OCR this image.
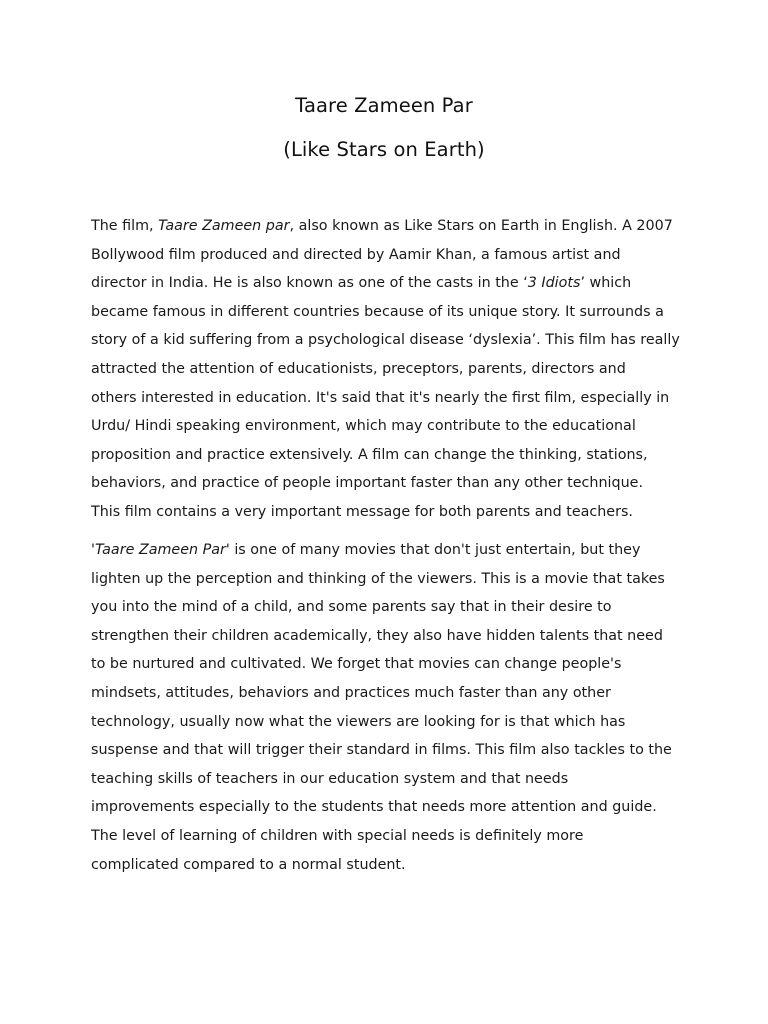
Taare Zameen Par
(Like Stars on Earth)

The film, Taare Zameen par, also known as Like Stars on Earth in English. A 2007
Bollywood film produced and directed by Aamir Khan, a famous artist and
director in India. He is also known as one of the casts in the ‘3 Idiots’ which
became famous in different countries because of its unique story. It surrounds a
story of a kid suffering from a psychological disease ‘dyslexia’. This film has really
attracted the attention of educationists, preceptors, parents, directors and
others interested in education. It's said that it's nearly the first film, especially in
Urdu/ Hindi speaking environment, which may contribute to the educational
proposition and practice extensively. A film can change the thinking, stations,
behaviors, and practice of people important faster than any other technique.
This film contains a very important message for both parents and teachers.

'Taare Zameen Par' is one of many movies that don't just entertain, but they
lighten up the perception and thinking of the viewers. This is a movie that takes
you into the mind of a child, and some parents say that in their desire to
strengthen their children academically, they also have hidden talents that need
to be nurtured and cultivated. We forget that movies can change people's
mindsets, attitudes, behaviors and practices much faster than any other
technology, usually now what the viewers are looking for is that which has
suspense and that will trigger their standard in films. This film also tackles to the
teaching skills of teachers in our education system and that needs
improvements especially to the students that needs more attention and guide.
The level of learning of children with special needs is definitely more
complicated compared to a normal student.
